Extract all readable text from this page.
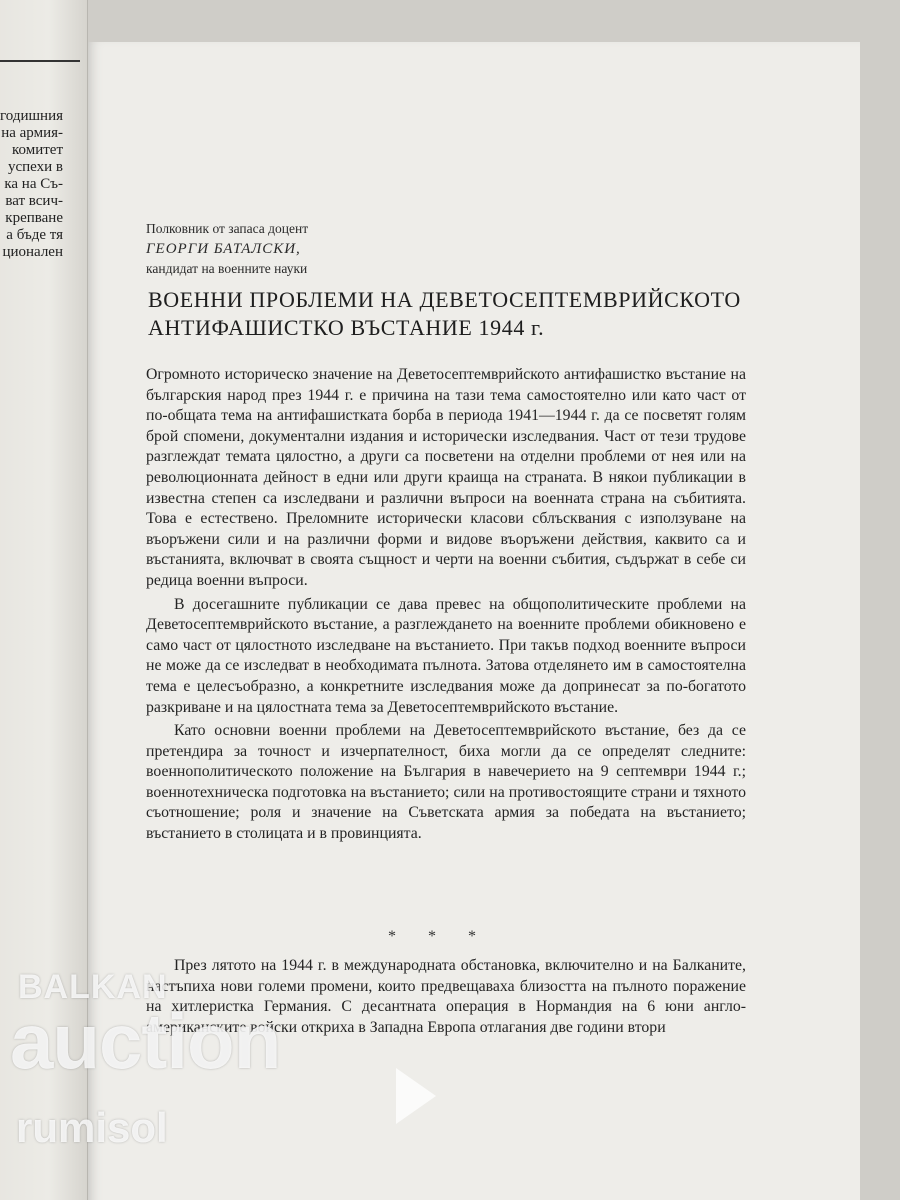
годишния
на армия-
комитет
успехи в
ка на Съ-
ват всич-
крепване
а бъде тя
ционален
Полковник от запаса доцент
ГЕОРГИ БАТАЛСКИ,
кандидат на военните науки
ВОЕННИ ПРОБЛЕМИ НА ДЕВЕТОСЕПТЕМВРИЙСКОТО
АНТИФАШИСТКО ВЪСТАНИЕ 1944 г.

Огромното историческо значение на Деветосептемврийското антифашистко въстание на българския народ през 1944 г. е причина на тази тема самостоятелно или като част от по-общата тема на антифашистката борба в периода 1941—1944 г. да се посветят голям брой спомени, документални издания и исторически изследвания. Част от тези трудове разглеждат темата цялостно, а други са посветени на отделни проблеми от нея или на революционната дейност в едни или други краища на страната. В някои публикации в известна степен са изследвани и различни въпроси на военната страна на събитията. Това е естествено. Преломните исторически класови сблъсквания с използуване на въоръжени сили и на различни форми и видове въоръжени действия, каквито са и въстанията, включват в своята същност и черти на военни събития, съдържат в себе си редица военни въпроси.

В досегашните публикации се дава превес на общополитическите проблеми на Деветосептемврийското въстание, а разглеждането на военните проблеми обикновено е само част от цялостното изследване на въстанието. При такъв подход военните въпроси не може да се изследват в необходимата пълнота. Затова отделянето им в самостоятелна тема е целесъобразно, а конкретните изследвания може да допринесат за по-богатото разкриване и на цялостната тема за Деветосептемврийското въстание.

Като основни военни проблеми на Деветосептемврийското въстание, без да се претендира за точност и изчерпателност, биха могли да се определят следните: военнополитическото положение на България в навечерието на 9 септември 1944 г.; военнотехническа подготовка на въстанието; сили на противостоящите страни и тяхното съотношение; роля и значение на Съветската армия за победата на въстанието; въстанието в столицата и в провинцията.

* * *

През лятото на 1944 г. в международната обстановка, включително и на Балканите, настъпиха нови големи промени, които предвещаваха близостта на пълното поражение на хитлеристка Германия. С десантната операция в Нормандия на 6 юни англо-американските войски откриха в Западна Европа отлагания две години втори

BALKAN
auction
rumisol
